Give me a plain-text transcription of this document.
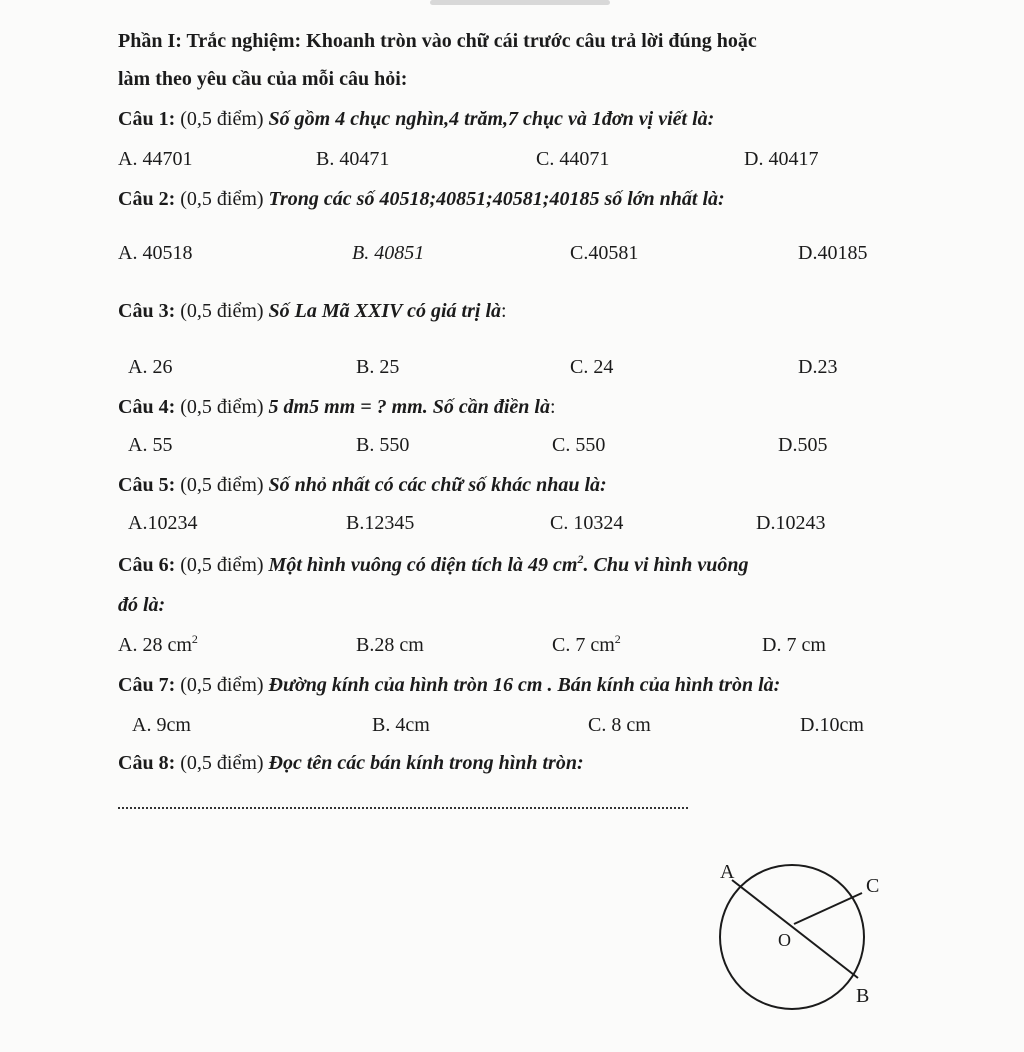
Phần I: Trắc nghiệm: Khoanh tròn vào chữ cái trước câu trả lời đúng hoặc
làm theo yêu cầu của mỗi câu hỏi:
Câu 1: (0,5 điểm) Số gồm 4 chục nghìn,4 trăm,7 chục và 1đơn vị viết là:
A. 44701	B. 40471	C. 44071	D. 40417
Câu 2: (0,5 điểm) Trong các số 40518;40851;40581;40185 số lớn nhất là:
A. 40518	B. 40851	C.40581	D.40185
Câu 3: (0,5 điểm) Số La Mã XXIV có giá trị là:
A. 26	B. 25	C. 24	D.23
Câu 4: (0,5 điểm) 5 dm5 mm = ? mm. Số cần điền là:
A. 55	B. 550	C. 550	D.505
Câu 5: (0,5 điểm) Số nhỏ nhất có các chữ số khác nhau là:
A.10234	B.12345	C. 10324	D.10243
Câu 6: (0,5 điểm) Một hình vuông có diện tích là 49 $cm^2$. Chu vi hình vuông
đó là:
A. 28 $cm^2$	B.28 cm	C. 7 $cm^2$	D. 7 cm
Câu 7: (0,5 điểm) Đường kính của hình tròn 16 cm . Bán kính của hình tròn là:
A. 9cm	B. 4cm	C. 8 cm	D.10cm
Câu 8: (0,5 điểm) Đọc tên các bán kính trong hình tròn:
A
C
O
B
